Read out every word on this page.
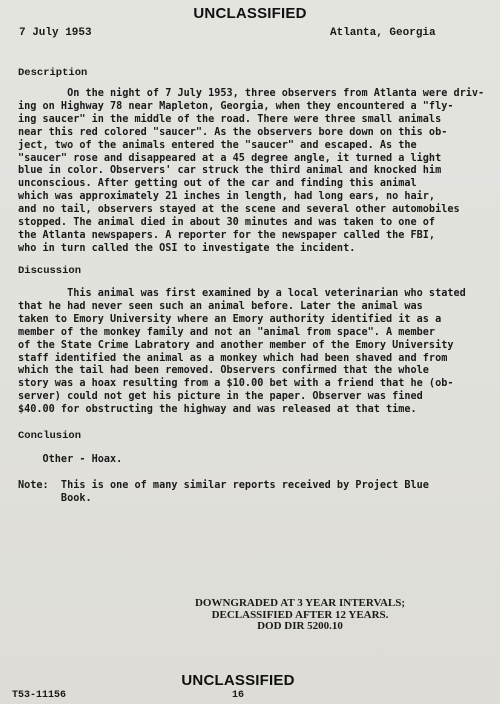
UNCLASSIFIED
7 July 1953	Atlanta, Georgia
Description
On the night of 7 July 1953, three observers from Atlanta were driv-
ing on Highway 78 near Mapleton, Georgia, when they encountered a "fly-
ing saucer" in the middle of the road. There were three small animals
near this red colored "saucer". As the observers bore down on this ob-
ject, two of the animals entered the "saucer" and escaped. As the
"saucer" rose and disappeared at a 45 degree angle, it turned a light
blue in color. Observers' car struck the third animal and knocked him
unconscious. After getting out of the car and finding this animal
which was approximately 21 inches in length, had long ears, no hair,
and no tail, observers stayed at the scene and several other automobiles
stopped. The animal died in about 30 minutes and was taken to one of
the Atlanta newspapers. A reporter for the newspaper called the FBI,
who in turn called the OSI to investigate the incident.
Discussion
This animal was first examined by a local veterinarian who stated
that he had never seen such an animal before. Later the animal was
taken to Emory University where an Emory authority identified it as a
member of the monkey family and not an "animal from space". A member
of the State Crime Labratory and another member of the Emory University
staff identified the animal as a monkey which had been shaved and from
which the tail had been removed. Observers confirmed that the whole
story was a hoax resulting from a $10.00 bet with a friend that he (ob-
server) could not get his picture in the paper. Observer was fined
$40.00 for obstructing the highway and was released at that time.
Conclusion
Other - Hoax.
Note:  This is one of many similar reports received by Project Blue
Book.
DOWNGRADED AT 3 YEAR INTERVALS;
DECLASSIFIED AFTER 12 YEARS.
DOD DIR 5200.10
UNCLASSIFIED
T53-11156	16
